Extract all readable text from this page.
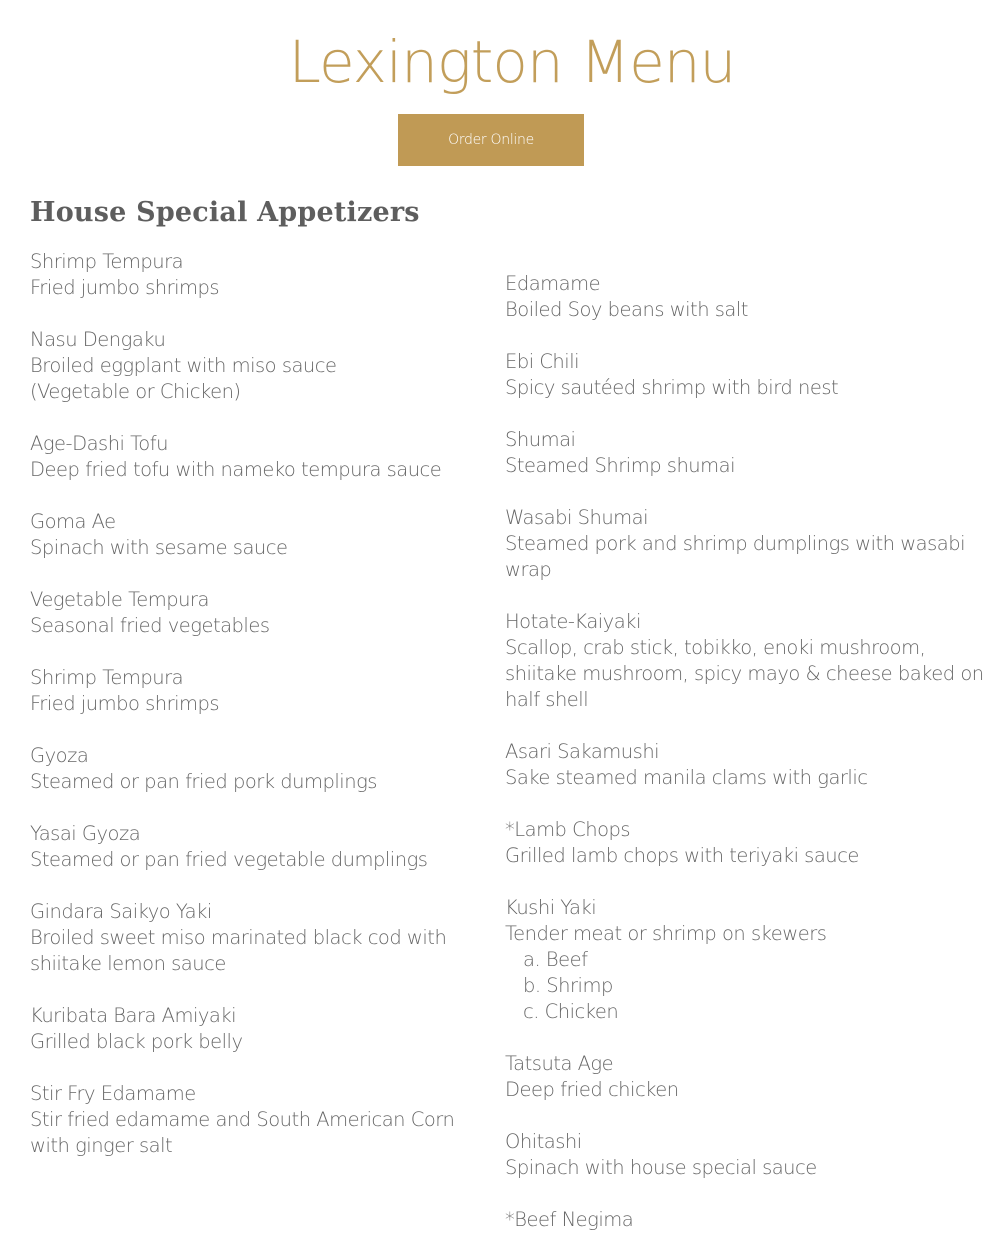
Lexington Menu
Order Online
House Special Appetizers
Shrimp Tempura
Fried jumbo shrimps
Nasu Dengaku
Broiled eggplant with miso sauce
(Vegetable or Chicken)
Age-Dashi Tofu
Deep fried tofu with nameko tempura sauce
Goma Ae
Spinach with sesame sauce
Vegetable Tempura
Seasonal fried vegetables
Shrimp Tempura
Fried jumbo shrimps
Gyoza
Steamed or pan fried pork dumplings
Yasai Gyoza
Steamed or pan fried vegetable dumplings
Gindara Saikyo Yaki
Broiled sweet miso marinated black cod with shiitake lemon sauce
Kuribata Bara Amiyaki
Grilled black pork belly
Stir Fry Edamame
Stir fried edamame and South American Corn with ginger salt
Edamame
Boiled Soy beans with salt
Ebi Chili
Spicy sautéed shrimp with bird nest
Shumai
Steamed Shrimp shumai
Wasabi Shumai
Steamed pork and shrimp dumplings with wasabi wrap
Hotate-Kaiyaki
Scallop, crab stick, tobikko, enoki mushroom, shiitake mushroom, spicy mayo & cheese baked on half shell
Asari Sakamushi
Sake steamed manila clams with garlic
*Lamb Chops
Grilled lamb chops with teriyaki sauce
Kushi Yaki
Tender meat or shrimp on skewers
a. Beef
b. Shrimp
c. Chicken
Tatsuta Age
Deep fried chicken
Ohitashi
Spinach with house special sauce
*Beef Negima
